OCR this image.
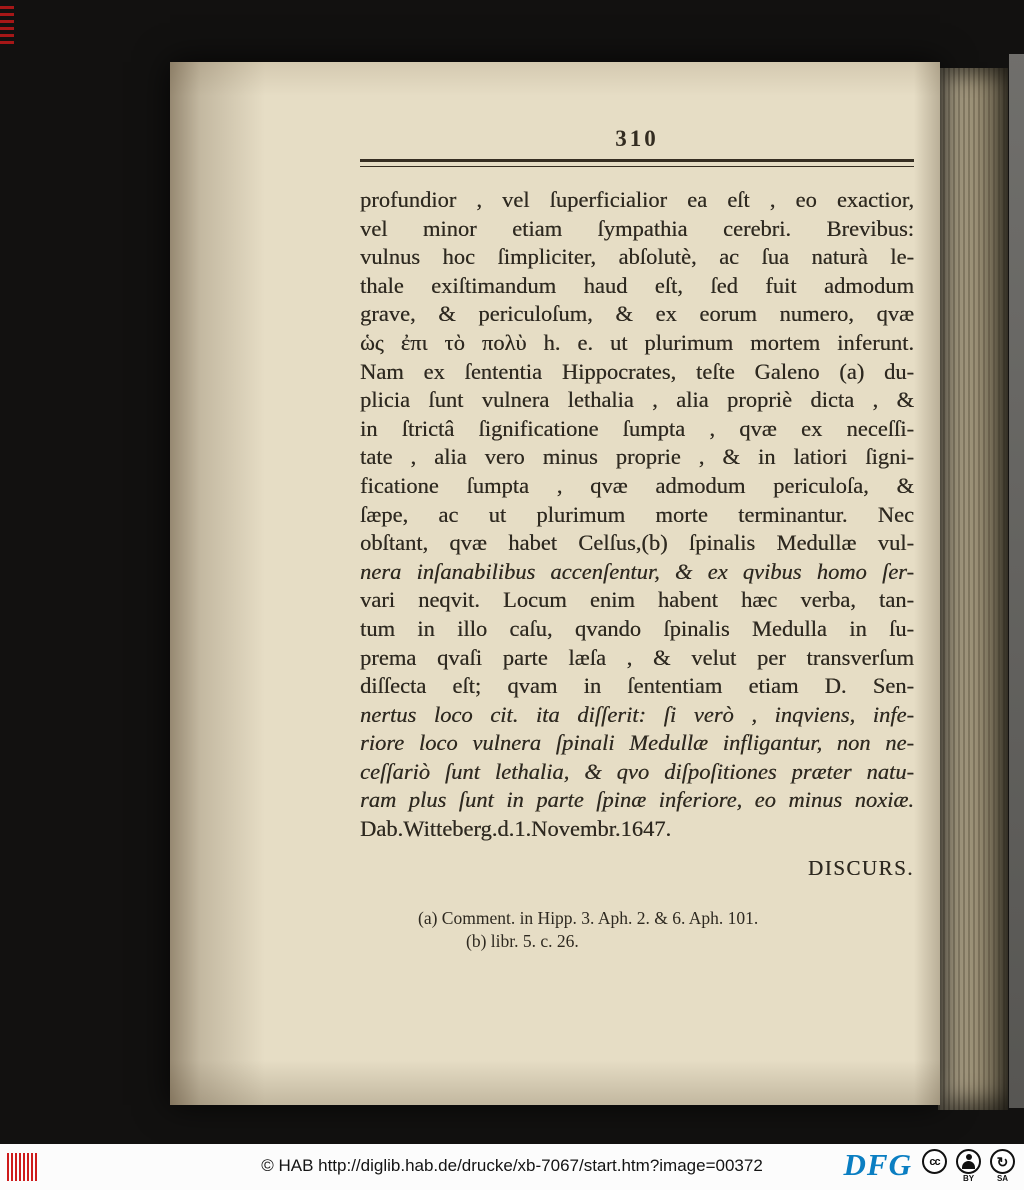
310
profundior , vel ſuperficialior ea eſt , eo exactior,
vel minor etiam ſympathia cerebri. Brevibus:
vulnus hoc ſimpliciter, abſolutè, ac ſua naturà le-
thale exiſtimandum haud eſt, ſed fuit admodum
grave, & periculoſum, & ex eorum numero, qvæ
ὡς ἐπι τὸ πολὺ h. e. ut plurimum mortem inferunt.
Nam ex ſententia Hippocrates, teſte Galeno (a) du-
plicia ſunt vulnera lethalia , alia propriè dicta , &
in ſtrictâ ſignificatione ſumpta , qvæ ex neceſſi-
tate , alia vero minus proprie , & in latiori ſigni-
ficatione ſumpta , qvæ admodum periculoſa, &
ſæpe, ac ut plurimum morte terminantur. Nec
obſtant, qvæ habet Celſus,(b) ſpinalis Medullæ vul-
nera inſanabilibus accenſentur, & ex qvibus homo ſer-
vari neqvit. Locum enim habent hæc verba, tan-
tum in illo caſu, qvando ſpinalis Medulla in ſu-
prema qvaſi parte læſa , & velut per transverſum
diſſecta eſt; qvam in ſententiam etiam D. Sen-
nertus loco cit. ita diſſerit: ſi verò , inqviens, infe-
riore loco vulnera ſpinali Medullæ infligantur, non ne-
ceſſariò ſunt lethalia, & qvo diſpoſitiones præter natu-
ram plus ſunt in parte ſpinæ inferiore, eo minus noxiæ.
Dab.Witteberg.d.1.Novembr.1647.
DISCURS.
(a) Comment. in Hipp. 3. Aph. 2. & 6. Aph. 101.
(b) libr. 5. c. 26.
© HAB http://diglib.hab.de/drucke/xb-7067/start.htm?image=00372	DFG cc
BY
↻
SA
